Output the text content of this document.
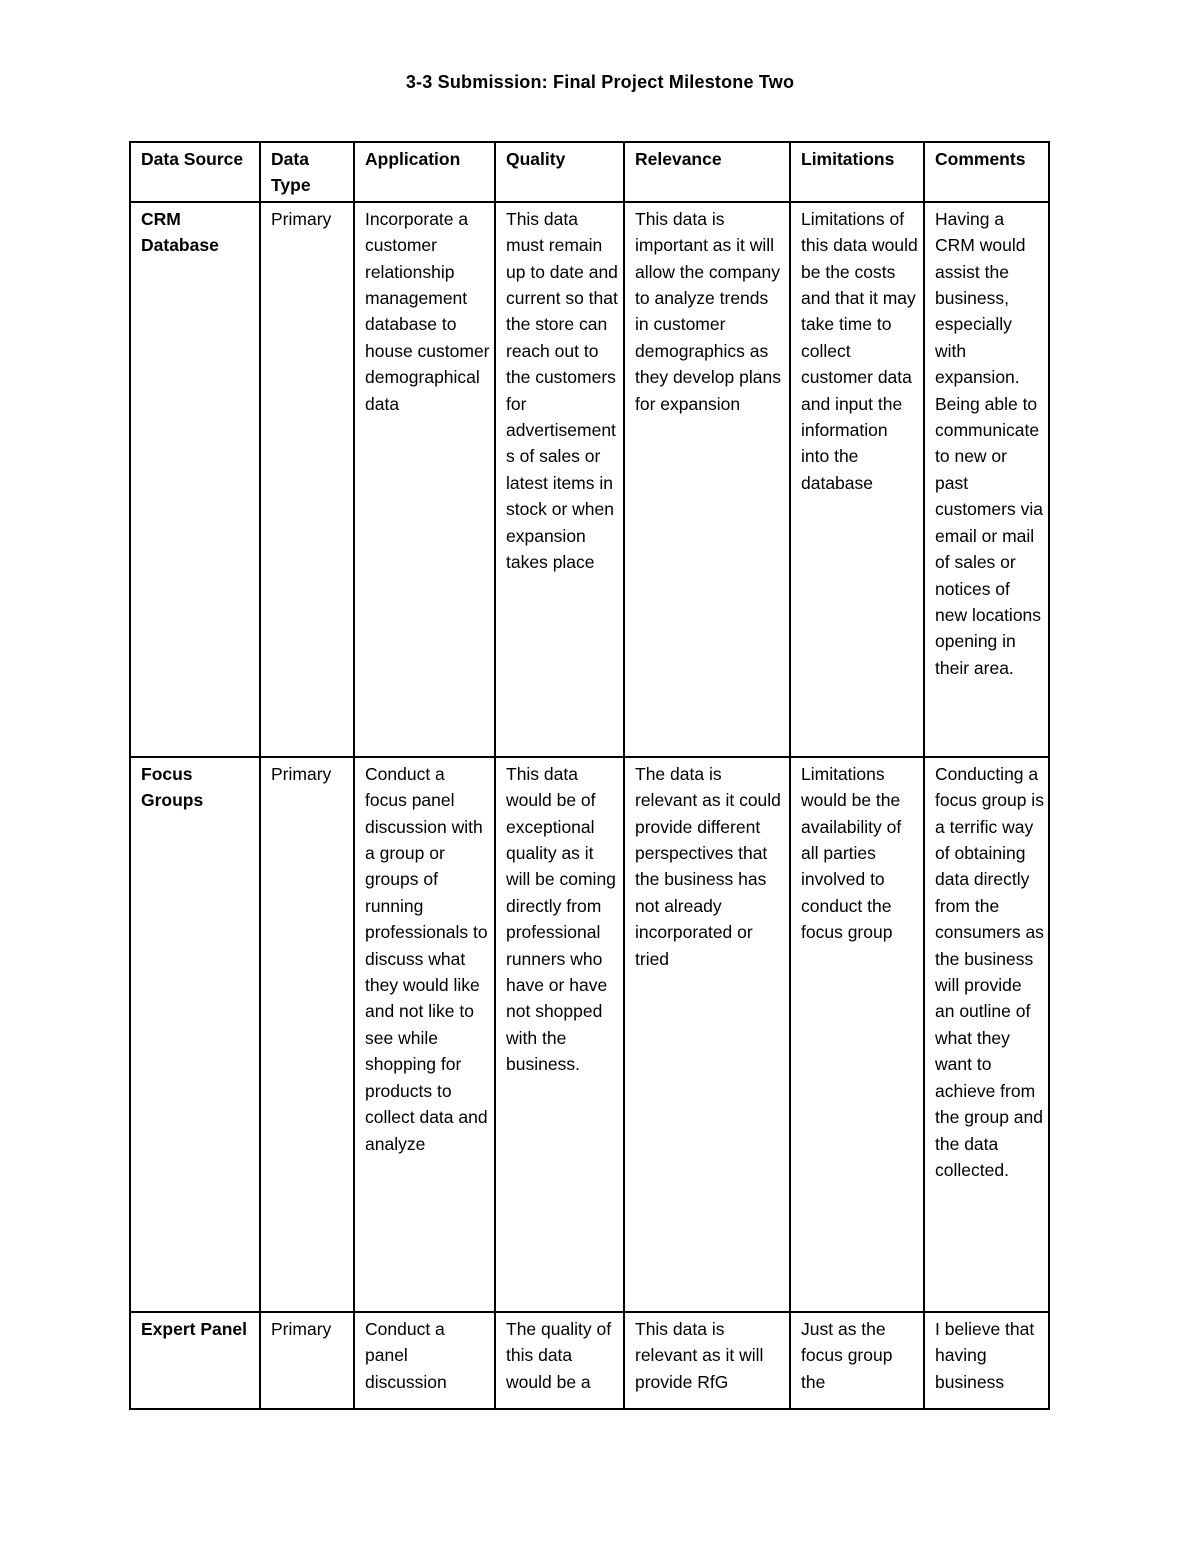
3-3 Submission: Final Project Milestone Two
Data Source	Data Type	Application	Quality	Relevance	Limitations	Comments
CRM Database	Primary	Incorporate a customer relationship management database to house customer demographical data	This data must remain up to date and current so that the store can reach out to the customers for advertisements of sales or latest items in stock or when expansion takes place	This data is important as it will allow the company to analyze trends in customer demographics as they develop plans for expansion	Limitations of this data would be the costs and that it may take time to collect customer data and input the information into the database	Having a CRM would assist the business, especially with expansion. Being able to communicate to new or past customers via email or mail of sales or notices of new locations opening in their area.
Focus Groups	Primary	Conduct a focus panel discussion with a group or groups of running professionals to discuss what they would like and not like to see while shopping for products to collect data and analyze	This data would be of exceptional quality as it will be coming directly from professional runners who have or have not shopped with the business.	The data is relevant as it could provide different perspectives that the business has not already incorporated or tried	Limitations would be the availability of all parties involved to conduct the focus group	Conducting a focus group is a terrific way of obtaining data directly from the consumers as the business will provide an outline of what they want to achieve from the group and the data collected.
Expert Panel	Primary	Conduct a panel discussion	The quality of this data would be a	This data is relevant as it will provide RfG	Just as the focus group the	I believe that having business
